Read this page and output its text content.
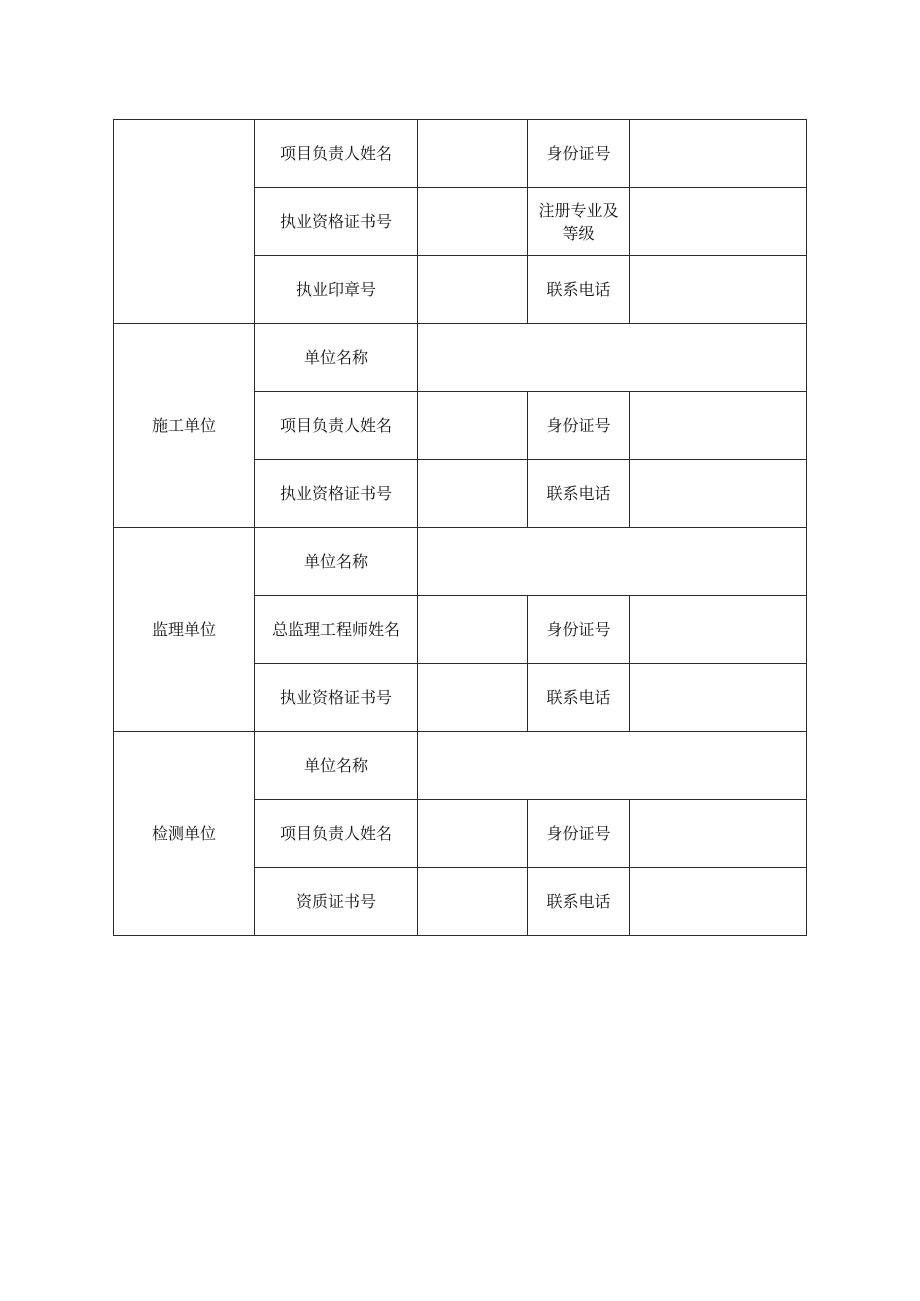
	项目负责人姓名		身份证号	
	执业资格证书号		注册专业及
等级	
	执业印章号		联系电话	
施工单位	单位名称			
	项目负责人姓名		身份证号	
	执业资格证书号		联系电话	
监理单位	单位名称			
	总监理工程师姓名		身份证号	
	执业资格证书号		联系电话	
检测单位	单位名称			
	项目负责人姓名		身份证号	
	资质证书号		联系电话	
